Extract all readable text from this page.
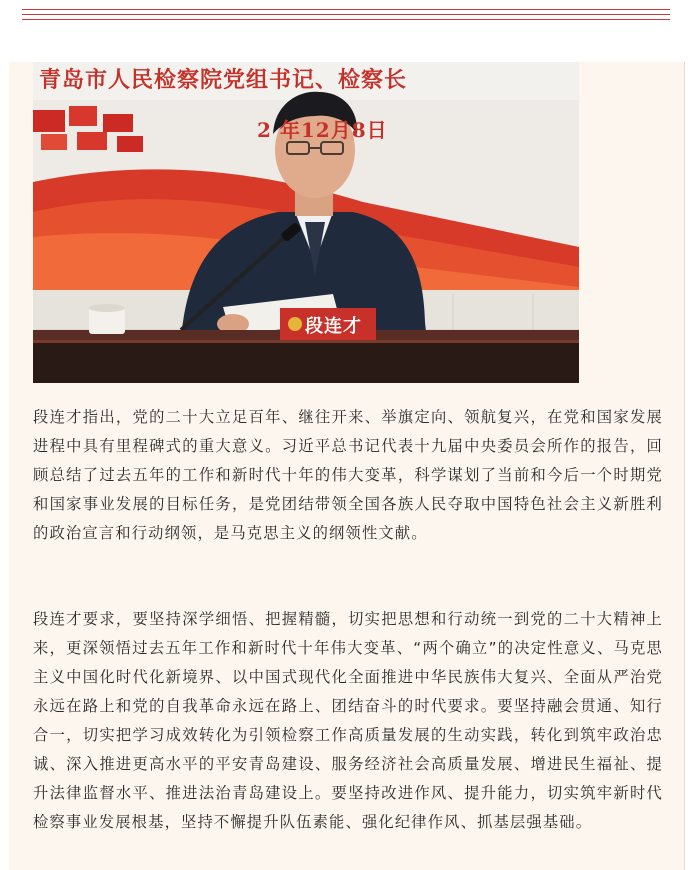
青岛市人民检察院党组书记、检察长
2 年12月8日
段连才

段连才指出，党的二十大立足百年、继往开来、举旗定向、领航复兴，在党和国家发展进程中具有里程碑式的重大意义。习近平总书记代表十九届中央委员会所作的报告，回顾总结了过去五年的工作和新时代十年的伟大变革，科学谋划了当前和今后一个时期党和国家事业发展的目标任务，是党团结带领全国各族人民夺取中国特色社会主义新胜利的政治宣言和行动纲领，是马克思主义的纲领性文献。

段连才要求，要坚持深学细悟、把握精髓，切实把思想和行动统一到党的二十大精神上来，更深领悟过去五年工作和新时代十年伟大变革、“两个确立”的决定性意义、马克思主义中国化时代化新境界、以中国式现代化全面推进中华民族伟大复兴、全面从严治党永远在路上和党的自我革命永远在路上、团结奋斗的时代要求。要坚持融会贯通、知行合一，切实把学习成效转化为引领检察工作高质量发展的生动实践，转化到筑牢政治忠诚、深入推进更高水平的平安青岛建设、服务经济社会高质量发展、增进民生福祉、提升法律监督水平、推进法治青岛建设上。要坚持改进作风、提升能力，切实筑牢新时代检察事业发展根基，坚持不懈提升队伍素能、强化纪律作风、抓基层强基础。
